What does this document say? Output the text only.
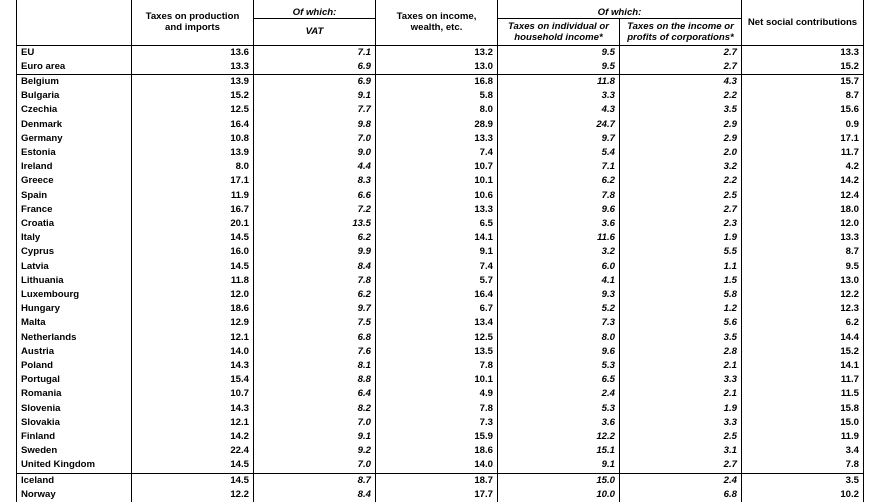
	Taxes on production and imports	Of which:	Taxes on income, wealth, etc.	Of which:		Net social contributions
		VAT		Taxes on individual or household income*	Taxes on the income or profits of corporations*	
EU	13.6	7.1	13.2	9.5	2.7	13.3
Euro area	13.3	6.9	13.0	9.5	2.7	15.2
Belgium	13.9	6.9	16.8	11.8	4.3	15.7
Bulgaria	15.2	9.1	5.8	3.3	2.2	8.7
Czechia	12.5	7.7	8.0	4.3	3.5	15.6
Denmark	16.4	9.8	28.9	24.7	2.9	0.9
Germany	10.8	7.0	13.3	9.7	2.9	17.1
Estonia	13.9	9.0	7.4	5.4	2.0	11.7
Ireland	8.0	4.4	10.7	7.1	3.2	4.2
Greece	17.1	8.3	10.1	6.2	2.2	14.2
Spain	11.9	6.6	10.6	7.8	2.5	12.4
France	16.7	7.2	13.3	9.6	2.7	18.0
Croatia	20.1	13.5	6.5	3.6	2.3	12.0
Italy	14.5	6.2	14.1	11.6	1.9	13.3
Cyprus	16.0	9.9	9.1	3.2	5.5	8.7
Latvia	14.5	8.4	7.4	6.0	1.1	9.5
Lithuania	11.8	7.8	5.7	4.1	1.5	13.0
Luxembourg	12.0	6.2	16.4	9.3	5.8	12.2
Hungary	18.6	9.7	6.7	5.2	1.2	12.3
Malta	12.9	7.5	13.4	7.3	5.6	6.2
Netherlands	12.1	6.8	12.5	8.0	3.5	14.4
Austria	14.0	7.6	13.5	9.6	2.8	15.2
Poland	14.3	8.1	7.8	5.3	2.1	14.1
Portugal	15.4	8.8	10.1	6.5	3.3	11.7
Romania	10.7	6.4	4.9	2.4	2.1	11.5
Slovenia	14.3	8.2	7.8	5.3	1.9	15.8
Slovakia	12.1	7.0	7.3	3.6	3.3	15.0
Finland	14.2	9.1	15.9	12.2	2.5	11.9
Sweden	22.4	9.2	18.6	15.1	3.1	3.4
United Kingdom	14.5	7.0	14.0	9.1	2.7	7.8
Iceland	14.5	8.7	18.7	15.0	2.4	3.5
Norway	12.2	8.4	17.7	10.0	6.8	10.2
